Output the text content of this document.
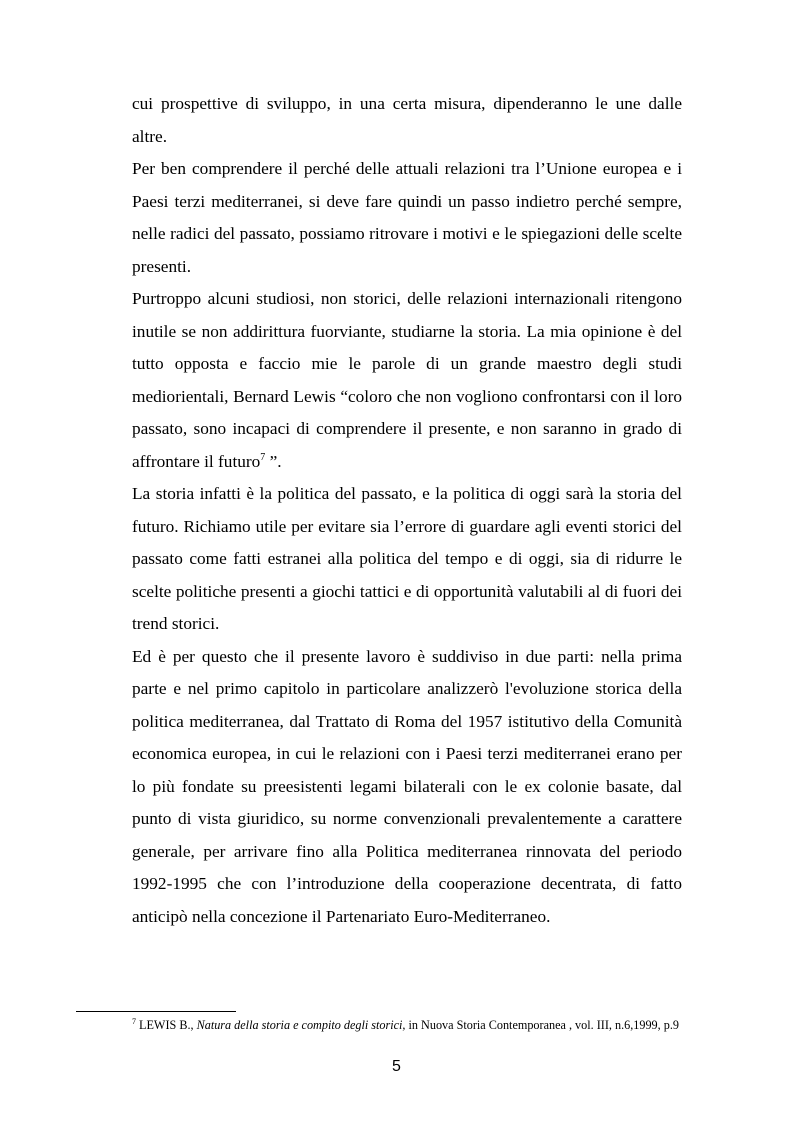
cui prospettive di sviluppo, in una certa misura, dipenderanno le une dalle altre.

Per ben comprendere il perché delle attuali relazioni tra l’Unione europea e i Paesi terzi mediterranei, si deve fare quindi un passo indietro perché sempre, nelle radici del passato, possiamo ritrovare i motivi e le spiegazioni delle scelte presenti.

Purtroppo alcuni studiosi, non storici, delle relazioni internazionali ritengono inutile se non addirittura fuorviante, studiarne la storia. La mia opinione è del tutto opposta e faccio mie le parole di un grande maestro degli studi mediorientali, Bernard Lewis “coloro che non vogliono confrontarsi con il loro passato, sono incapaci di comprendere il presente, e non saranno in grado di affrontare il futuro$^7$ ”.

La storia infatti è la politica del passato, e la politica di oggi sarà la storia del futuro. Richiamo utile per evitare sia l’errore di guardare agli eventi storici del passato come fatti estranei alla politica del tempo e di oggi, sia di ridurre le scelte politiche presenti a giochi tattici e di opportunità valutabili al di fuori dei trend storici.

Ed è per questo che il presente lavoro è suddiviso in due parti: nella prima parte e nel primo capitolo in particolare analizzerò l'evoluzione storica della politica mediterranea, dal Trattato di Roma del 1957 istitutivo della Comunità economica europea, in cui le relazioni con i Paesi terzi mediterranei erano per lo più fondate su preesistenti legami bilaterali con le ex colonie basate, dal punto di vista giuridico, su norme convenzionali prevalentemente a carattere generale, per arrivare fino alla Politica mediterranea rinnovata del periodo 1992-1995 che con l’introduzione della cooperazione decentrata, di fatto anticipò nella concezione il Partenariato Euro-Mediterraneo.

$^7$ LEWIS B., Natura della storia e compito degli storici, in Nuova Storia Contemporanea , vol. III, n.6,1999, p.9
5
